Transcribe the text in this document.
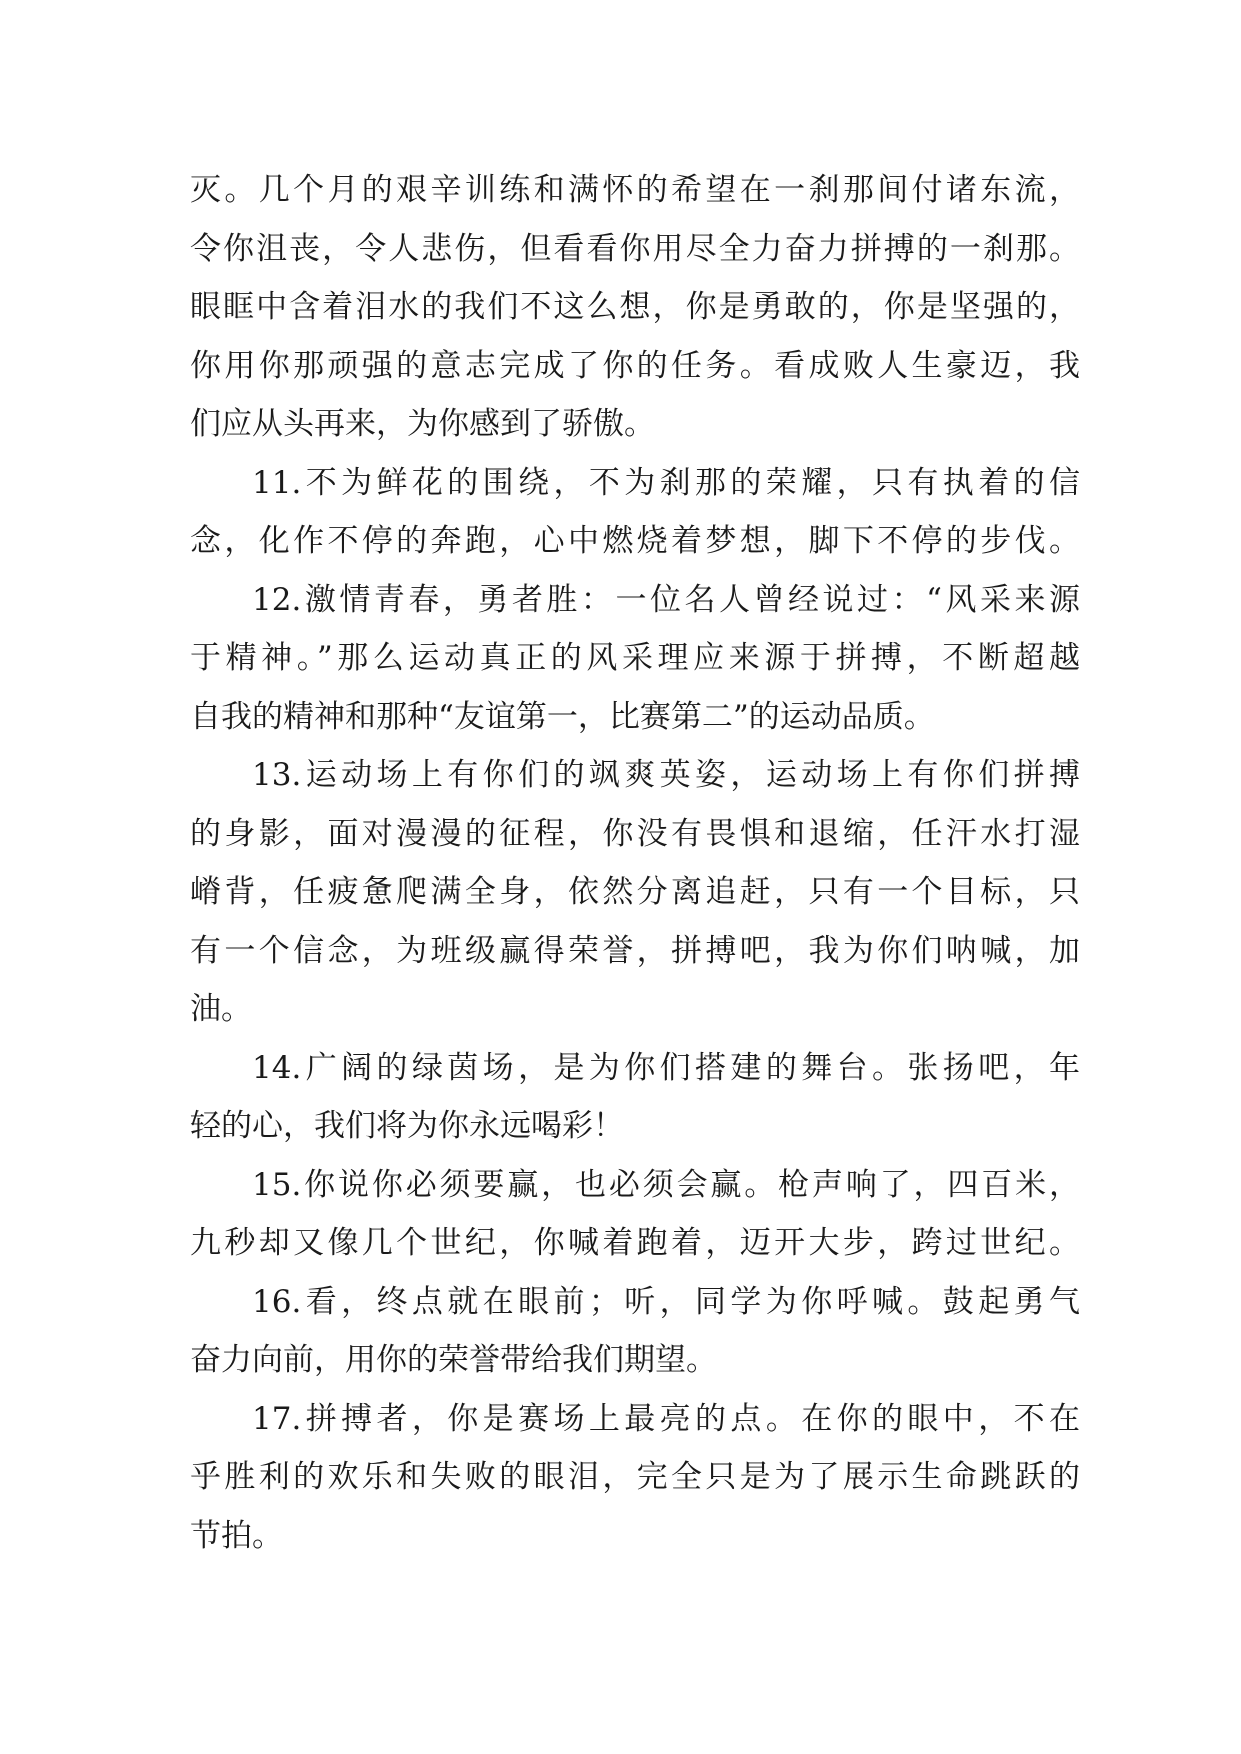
灭。几个月的艰辛训练和满怀的希望在一刹那间付诸东流，
令你沮丧，令人悲伤，但看看你用尽全力奋力拼搏的一刹那。
眼眶中含着泪水的我们不这么想，你是勇敢的，你是坚强的，
你用你那顽强的意志完成了你的任务。看成败人生豪迈，我
们应从头再来，为你感到了骄傲。
11.不为鲜花的围绕，不为刹那的荣耀，只有执着的信
念，化作不停的奔跑，心中燃烧着梦想，脚下不停的步伐。
12.激情青春，勇者胜：一位名人曾经说过：“风采来源
于精神。”那么运动真正的风采理应来源于拼搏，不断超越
自我的精神和那种“友谊第一，比赛第二”的运动品质。
13.运动场上有你们的飒爽英姿，运动场上有你们拼搏
的身影，面对漫漫的征程，你没有畏惧和退缩，任汗水打湿
嵴背，任疲惫爬满全身，依然分离追赶，只有一个目标，只
有一个信念，为班级赢得荣誉，拼搏吧，我为你们呐喊，加
油。
14.广阔的绿茵场，是为你们搭建的舞台。张扬吧，年
轻的心，我们将为你永远喝彩！
15.你说你必须要赢，也必须会赢。枪声响了，四百米，
九秒却又像几个世纪，你喊着跑着，迈开大步，跨过世纪。
16.看，终点就在眼前；听，同学为你呼喊。鼓起勇气
奋力向前，用你的荣誉带给我们期望。
17.拼搏者，你是赛场上最亮的点。在你的眼中，不在
乎胜利的欢乐和失败的眼泪，完全只是为了展示生命跳跃的
节拍。
